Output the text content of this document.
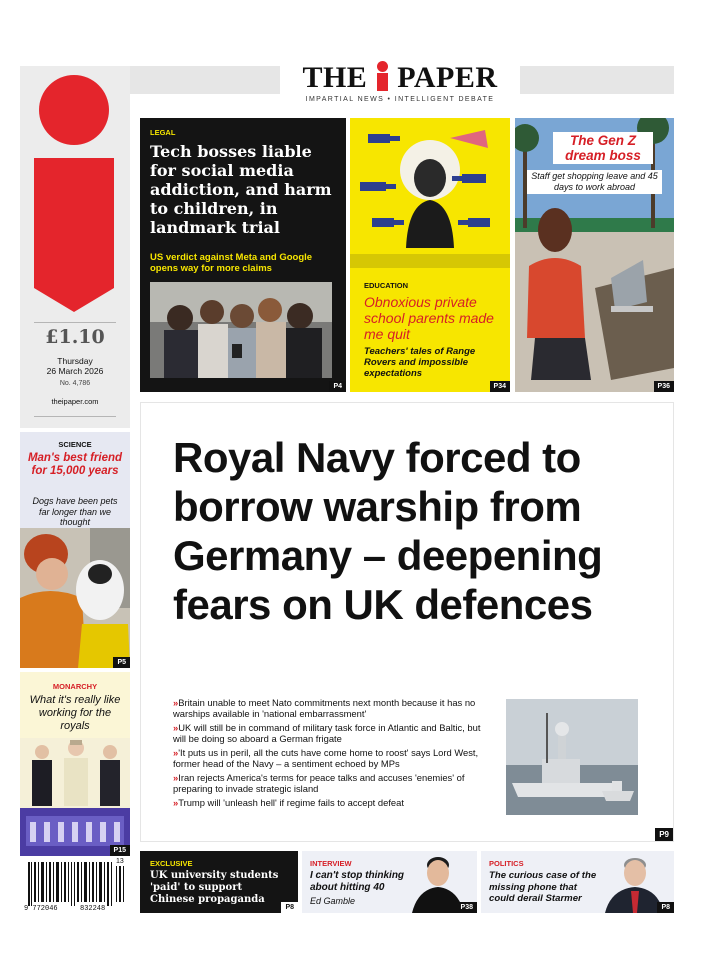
THE PAPER
IMPARTIAL NEWS • INTELLIGENT DEBATE
£1.10
Thursday
26 March 2026
No. 4,786
theipaper.com
LEGAL
Tech bosses liable for social media addiction, and harm to children, in landmark trial
US verdict against Meta and Google opens way for more claims
P4
EDUCATION
Obnoxious private school parents made me quit
Teachers' tales of Range Rovers and impossible expectations
P34
The Gen Z dream boss
Staff get shopping leave and 45 days to work abroad
P36
SCIENCE
Man's best friend for 15,000 years
Dogs have been pets far longer than we thought
P5
MONARCHY
What it's really like working for the royals
P15
Royal Navy forced to borrow warship from Germany – deepening fears on UK defences
»Britain unable to meet Nato commitments next month because it has no warships available in 'national embarrassment'
»UK will still be in command of military task force in Atlantic and Baltic, but will be doing so aboard a German frigate
»'It puts us in peril, all the cuts have come home to roost' says Lord West, former head of the Navy – a sentiment echoed by MPs
»Iran rejects America's terms for peace talks and accuses 'enemies' of preparing to invade strategic island
»Trump will 'unleash hell' if regime fails to accept defeat
P9
9 772046	832248
13	EXCLUSIVE
UK university students 'paid' to support Chinese propaganda
P8
INTERVIEW
I can't stop thinking about hitting 40
Ed Gamble
P38
POLITICS
The curious case of the missing phone that could derail Starmer
P8
